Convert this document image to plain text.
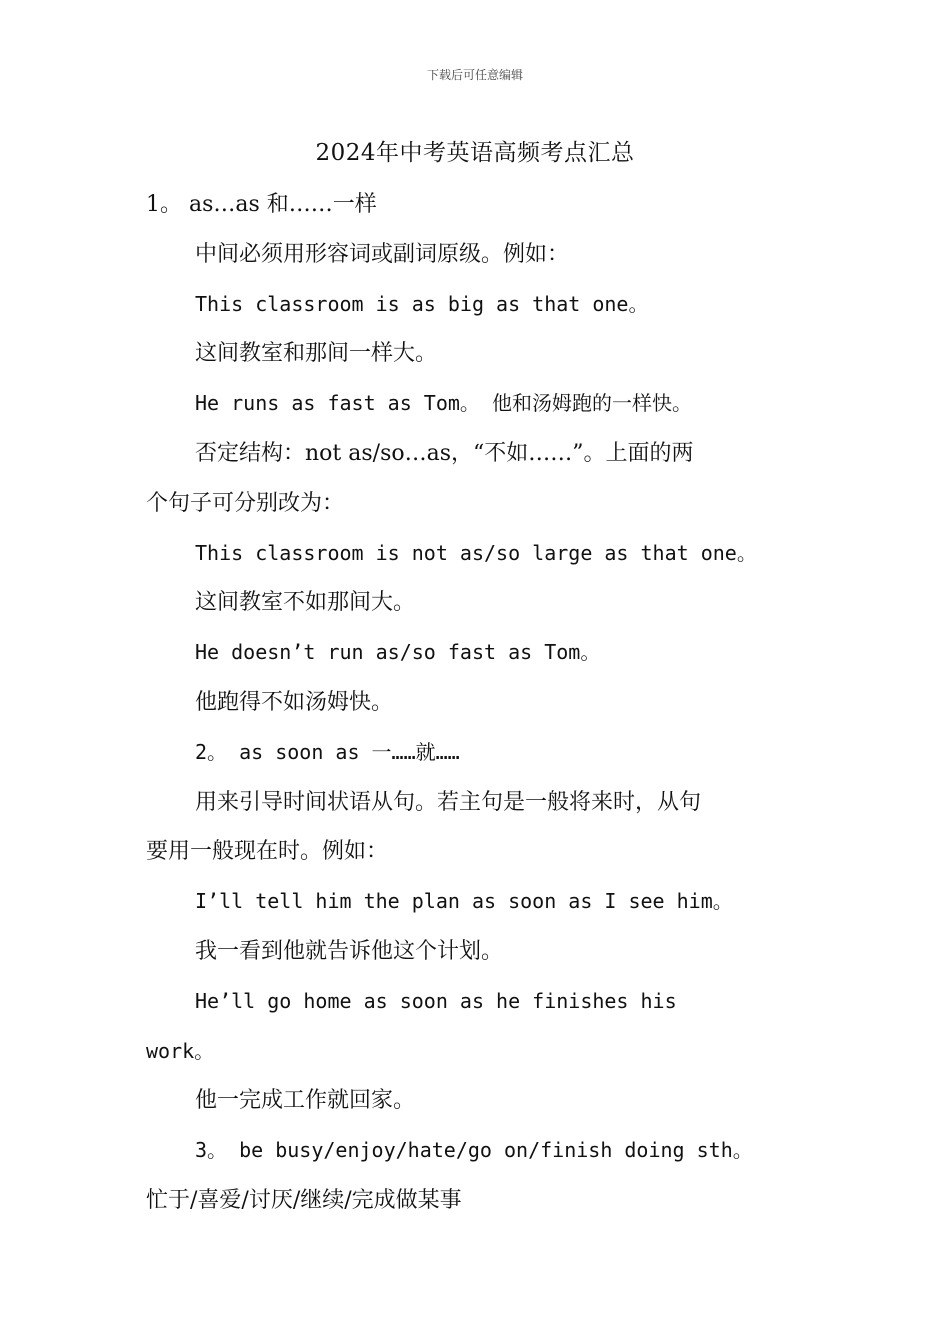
下载后可任意编辑
2024年中考英语高频考点汇总
1。 as…as 和……一样
中间必须用形容词或副词原级。例如：
This classroom is as big as that one。
这间教室和那间一样大。
He runs as fast as Tom。 他和汤姆跑的一样快。
否定结构：not as/so…as，“不如……”。上面的两
个句子可分别改为：
This classroom is not as/so large as that one。
这间教室不如那间大。
He doesn’t run as/so fast as Tom。
他跑得不如汤姆快。
2。 as soon as 一……就……
用来引导时间状语从句。若主句是一般将来时，从句
要用一般现在时。例如：
I’ll tell him the plan as soon as I see him。
我一看到他就告诉他这个计划。
He’ll go home as soon as he finishes his
work。
他一完成工作就回家。
3。 be busy/enjoy/hate/go on/finish doing sth。
忙于/喜爱/讨厌/继续/完成做某事
